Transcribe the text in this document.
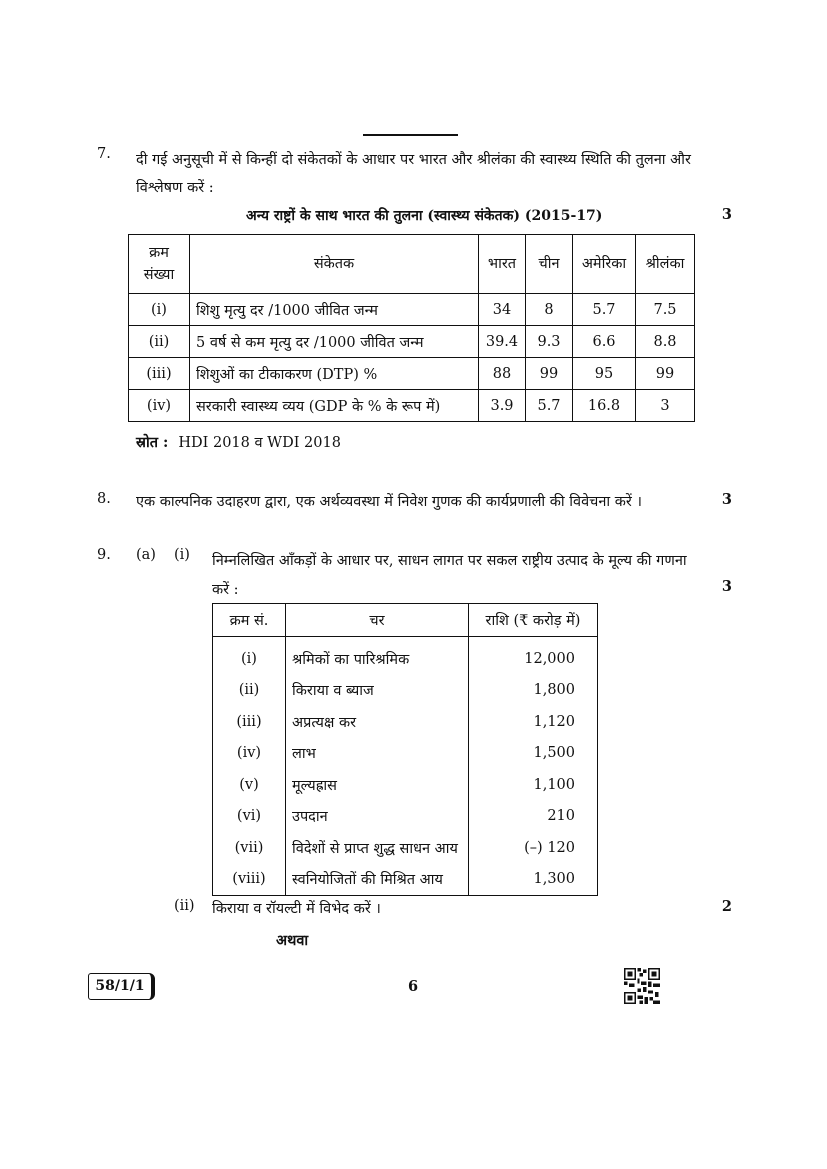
7. दी गई अनुसूची में से किन्हीं दो संकेतकों के आधार पर भारत और श्रीलंका की स्वास्थ्य स्थिति की तुलना और विश्लेषण करें :
अन्य राष्ट्रों के साथ भारत की तुलना (स्वास्थ्य संकेतक) (2015-17)	3
क्रम संख्या	संकेतक	भारत	चीन	अमेरिका	श्रीलंका
(i)	शिशु मृत्यु दर /1000 जीवित जन्म	34	8	5.7	7.5
(ii)	5 वर्ष से कम मृत्यु दर /1000 जीवित जन्म	39.4	9.3	6.6	8.8
(iii)	शिशुओं का टीकाकरण (DTP) %	88	99	95	99
(iv)	सरकारी स्वास्थ्य व्यय (GDP के % के रूप में)	3.9	5.7	16.8	3
स्रोत : HDI 2018 व WDI 2018
8. एक काल्पनिक उदाहरण द्वारा, एक अर्थव्यवस्था में निवेश गुणक की कार्यप्रणाली की विवेचना करें ।	3
9. (a) (i) निम्नलिखित आँकड़ों के आधार पर, साधन लागत पर सकल राष्ट्रीय उत्पाद के मूल्य की गणना करें :	3
क्रम सं.	चर	राशि (₹ करोड़ में)
(i)	श्रमिकों का पारिश्रमिक	12,000
(ii)	किराया व ब्याज	1,800
(iii)	अप्रत्यक्ष कर	1,120
(iv)	लाभ	1,500
(v)	मूल्यह्रास	1,100
(vi)	उपदान	210
(vii)	विदेशों से प्राप्त शुद्ध साधन आय	(–) 120
(viii)	स्वनियोजितों की मिश्रित आय	1,300
(ii) किराया व रॉयल्टी में विभेद करें ।	2
अथवा
58/1/1	6
